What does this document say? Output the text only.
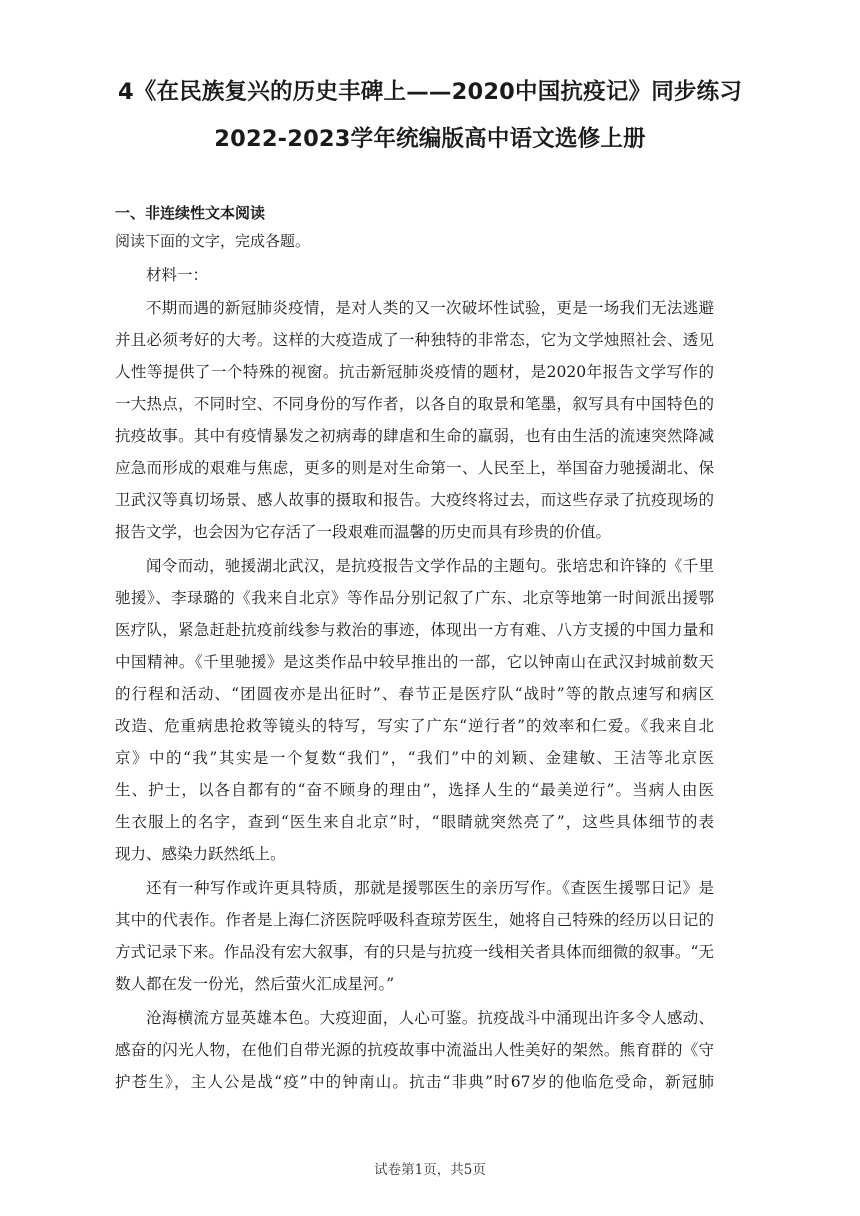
4《在民族复兴的历史丰碑上——2020中国抗疫记》同步练习
2022-2023学年统编版高中语文选修上册
一、非连续性文本阅读
阅读下面的文字，完成各题。
材料一：
不期而遇的新冠肺炎疫情，是对人类的又一次破坏性试验，更是一场我们无法逃避
并且必须考好的大考。这样的大疫造成了一种独特的非常态，它为文学烛照社会、透见
人性等提供了一个特殊的视窗。抗击新冠肺炎疫情的题材，是2020年报告文学写作的
一大热点，不同时空、不同身份的写作者，以各自的取景和笔墨，叙写具有中国特色的
抗疫故事。其中有疫情暴发之初病毒的肆虐和生命的羸弱，也有由生活的流速突然降减
应急而形成的艰难与焦虑，更多的则是对生命第一、人民至上，举国奋力驰援湖北、保
卫武汉等真切场景、感人故事的摄取和报告。大疫终将过去，而这些存录了抗疫现场的
报告文学，也会因为它存活了一段艰难而温馨的历史而具有珍贵的价值。
闻令而动，驰援湖北武汉，是抗疫报告文学作品的主题句。张培忠和许锋的《千里
驰援》、李琭璐的《我来自北京》等作品分别记叙了广东、北京等地第一时间派出援鄂
医疗队，紧急赶赴抗疫前线参与救治的事迹，体现出一方有难、八方支援的中国力量和
中国精神。《千里驰援》是这类作品中较早推出的一部，它以钟南山在武汉封城前数天
的行程和活动、“团圆夜亦是出征时”、春节正是医疗队“战时”等的散点速写和病区
改造、危重病患抢救等镜头的特写，写实了广东“逆行者”的效率和仁爱。《我来自北
京》中的“我”其实是一个复数“我们”，“我们”中的刘颖、金建敏、王洁等北京医
生、护士，以各自都有的“奋不顾身的理由”，选择人生的“最美逆行”。当病人由医
生衣服上的名字，查到“医生来自北京”时，“眼睛就突然亮了”，这些具体细节的表
现力、感染力跃然纸上。
还有一种写作或许更具特质，那就是援鄂医生的亲历写作。《查医生援鄂日记》是
其中的代表作。作者是上海仁济医院呼吸科查琼芳医生，她将自己特殊的经历以日记的
方式记录下来。作品没有宏大叙事，有的只是与抗疫一线相关者具体而细微的叙事。“无
数人都在发一份光，然后萤火汇成星河。”
沧海横流方显英雄本色。大疫迎面，人心可鉴。抗疫战斗中涌现出许多令人感动、
感奋的闪光人物，在他们自带光源的抗疫故事中流溢出人性美好的架然。熊育群的《守
护苍生》，主人公是战“疫”中的钟南山。抗击“非典”时67岁的他临危受命，新冠肺
试卷第1页，共5页
